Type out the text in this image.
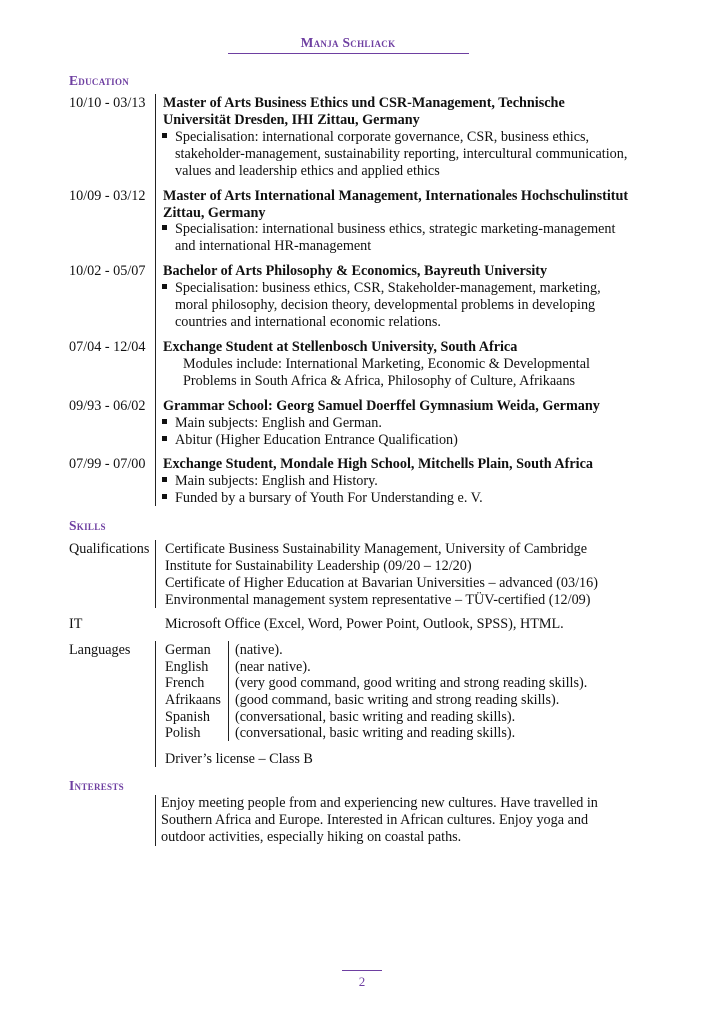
Manja Schliack
Education
10/10 - 03/13 Master of Arts Business Ethics und CSR-Management, Technische Universität Dresden, IHI Zittau, Germany
Specialisation: international corporate governance, CSR, business ethics, stakeholder-management, sustainability reporting, intercultural communication, values and leadership ethics and applied ethics
10/09 - 03/12 Master of Arts International Management, Internationales Hochschulinstitut Zittau, Germany
Specialisation: international business ethics, strategic marketing-management and international HR-management
10/02 - 05/07 Bachelor of Arts Philosophy & Economics, Bayreuth University
Specialisation: business ethics, CSR, Stakeholder-management, marketing, moral philosophy, decision theory, developmental problems in developing countries and international economic relations.
07/04 - 12/04 Exchange Student at Stellenbosch University, South Africa
Modules include: International Marketing, Economic & Developmental Problems in South Africa & Africa, Philosophy of Culture, Afrikaans
09/93 - 06/02 Grammar School: Georg Samuel Doerffel Gymnasium Weida, Germany
Main subjects: English and German.
Abitur (Higher Education Entrance Qualification)
07/99 - 07/00 Exchange Student, Mondale High School, Mitchells Plain, South Africa
Main subjects: English and History.
Funded by a bursary of Youth For Understanding e. V.
Skills
Qualifications Certificate Business Sustainability Management, University of Cambridge Institute for Sustainability Leadership (09/20 – 12/20)
Certificate of Higher Education at Bavarian Universities – advanced (03/16)
Environmental management system representative – TÜV-certified (12/09)
IT	Microsoft Office (Excel, Word, Power Point, Outlook, SPSS), HTML.
Languages German	(native).
English	(near native).
French	(very good command, good writing and strong reading skills).
Afrikaans (good command, basic writing and strong reading skills).
Spanish	(conversational, basic writing and reading skills).
Polish	(conversational, basic writing and reading skills).
Driver’s license – Class B
Interests
Enjoy meeting people from and experiencing new cultures. Have travelled in Southern Africa and Europe. Interested in African cultures. Enjoy yoga and outdoor activities, especially hiking on coastal paths.
2
